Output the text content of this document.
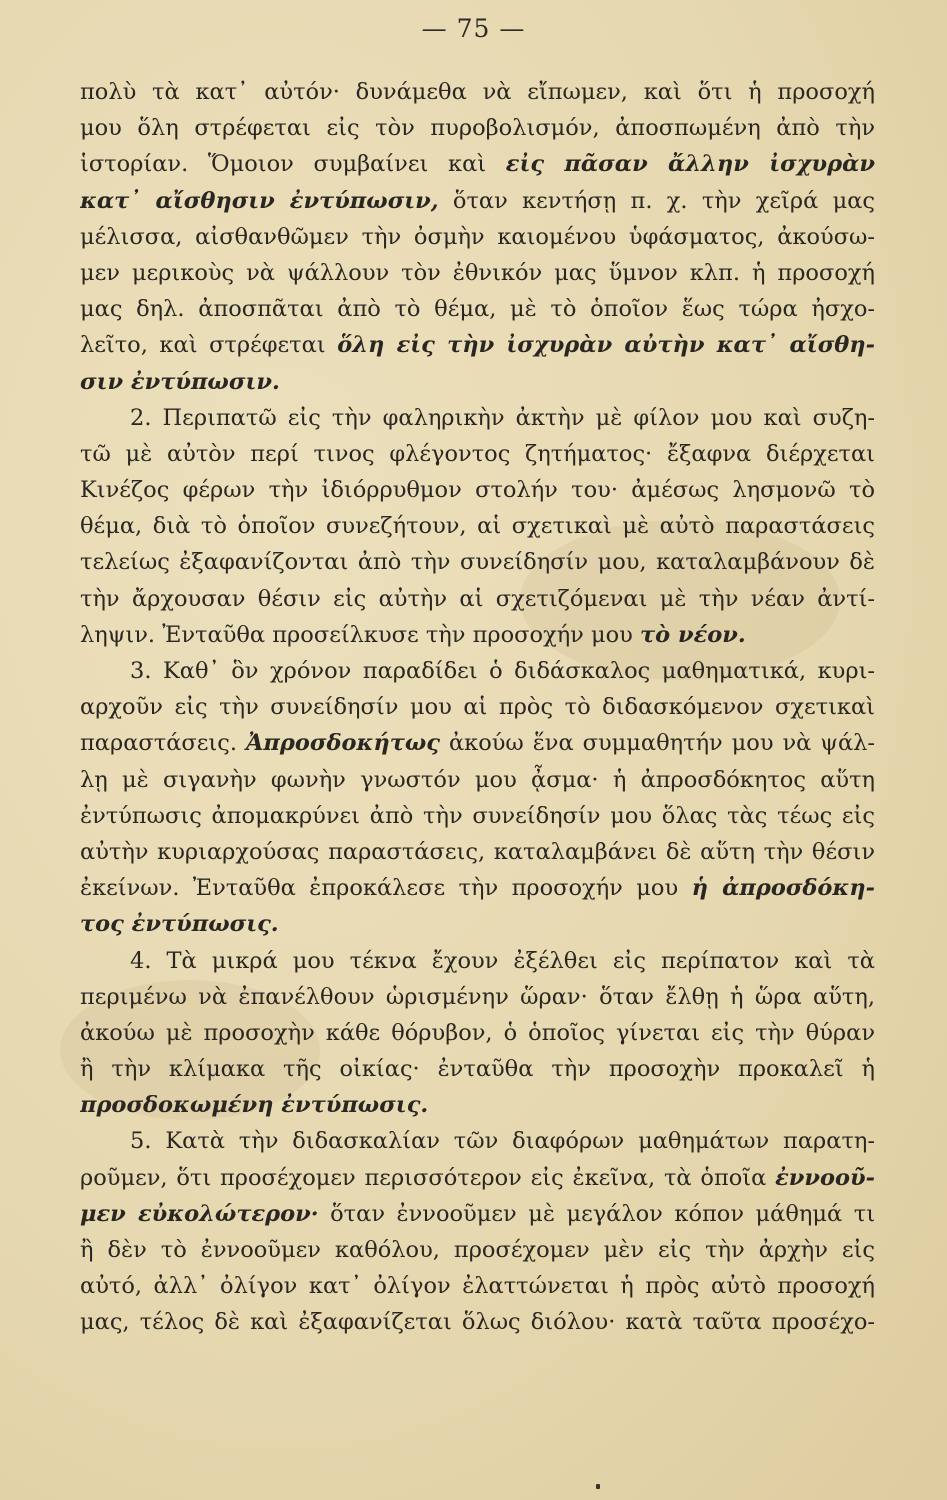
— 75 —
πολὺ τὰ κατ᾽ αὐτόν· δυνάμεθα νὰ εἴπωμεν, καὶ ὅτι ἡ προσοχή
μου ὅλη στρέφεται εἰς τὸν πυροβολισμόν, ἀποσπωμένη ἀπὸ τὴν
ἱστορίαν. Ὅμοιον συμβαίνει καὶ εἰς πᾶσαν ἄλλην ἰσχυρὰν
κατ᾽ αἴσθησιν ἐντύπωσιν, ὅταν κεντήσῃ π. χ. τὴν χεῖρά μας
μέλισσα, αἰσθανθῶμεν τὴν ὀσμὴν καιομένου ὑφάσματος, ἀκούσω-
μεν μερικοὺς νὰ ψάλλουν τὸν ἐθνικόν μας ὕμνον κλπ. ἡ προσοχή
μας δηλ. ἀποσπᾶται ἀπὸ τὸ θέμα, μὲ τὸ ὁποῖον ἕως τώρα ἠσχο-
λεῖτο, καὶ στρέφεται ὅλη εἰς τὴν ἰσχυρὰν αὐτὴν κατ᾽ αἴσθη-
σιν ἐντύπωσιν.
2. Περιπατῶ εἰς τὴν φαληρικὴν ἀκτὴν μὲ φίλον μου καὶ συζη-
τῶ μὲ αὐτὸν περί τινος φλέγοντος ζητήματος· ἔξαφνα διέρχεται
Κινέζος φέρων τὴν ἰδιόρρυθμον στολήν του· ἀμέσως λησμονῶ τὸ
θέμα, διὰ τὸ ὁποῖον συνεζήτουν, αἱ σχετικαὶ μὲ αὐτὸ παραστάσεις
τελείως ἐξαφανίζονται ἀπὸ τὴν συνείδησίν μου, καταλαμβάνουν δὲ
τὴν ἄρχουσαν θέσιν εἰς αὐτὴν αἱ σχετιζόμεναι μὲ τὴν νέαν ἀντί-
ληψιν. Ἐνταῦθα προσείλκυσε τὴν προσοχήν μου τὸ νέον.
3. Καθ᾽ ὃν χρόνον παραδίδει ὁ διδάσκαλος μαθηματικά, κυρι-
αρχοῦν εἰς τὴν συνείδησίν μου αἱ πρὸς τὸ διδασκόμενον σχετικαὶ
παραστάσεις. Ἀπροσδοκήτως ἀκούω ἕνα συμμαθητήν μου νὰ ψάλ-
λῃ μὲ σιγανὴν φωνὴν γνωστόν μου ᾆσμα· ἡ ἀπροσδόκητος αὕτη
ἐντύπωσις ἀπομακρύνει ἀπὸ τὴν συνείδησίν μου ὅλας τὰς τέως εἰς
αὐτὴν κυριαρχούσας παραστάσεις, καταλαμβάνει δὲ αὕτη τὴν θέσιν
ἐκείνων. Ἐνταῦθα ἐπροκάλεσε τὴν προσοχήν μου ἡ ἀπροσδόκη-
τος ἐντύπωσις.
4. Τὰ μικρά μου τέκνα ἔχουν ἐξέλθει εἰς περίπατον καὶ τὰ
περιμένω νὰ ἐπανέλθουν ὡρισμένην ὥραν· ὅταν ἔλθῃ ἡ ὥρα αὕτη,
ἀκούω μὲ προσοχὴν κάθε θόρυβον, ὁ ὁποῖος γίνεται εἰς τὴν θύραν
ἢ τὴν κλίμακα τῆς οἰκίας· ἐνταῦθα τὴν προσοχὴν προκαλεῖ ἡ
προσδοκωμένη ἐντύπωσις.
5. Κατὰ τὴν διδασκαλίαν τῶν διαφόρων μαθημάτων παρατη-
ροῦμεν, ὅτι προσέχομεν περισσότερον εἰς ἐκεῖνα, τὰ ὁποῖα ἐννοοῦ-
μεν εὐκολώτερον· ὅταν ἐννοοῦμεν μὲ μεγάλον κόπον μάθημά τι
ἢ δὲν τὸ ἐννοοῦμεν καθόλου, προσέχομεν μὲν εἰς τὴν ἀρχὴν εἰς
αὐτό, ἀλλ᾽ ὀλίγον κατ᾽ ὀλίγον ἐλαττώνεται ἡ πρὸς αὐτὸ προσοχή
μας, τέλος δὲ καὶ ἐξαφανίζεται ὅλως διόλου· κατὰ ταῦτα προσέχο-
